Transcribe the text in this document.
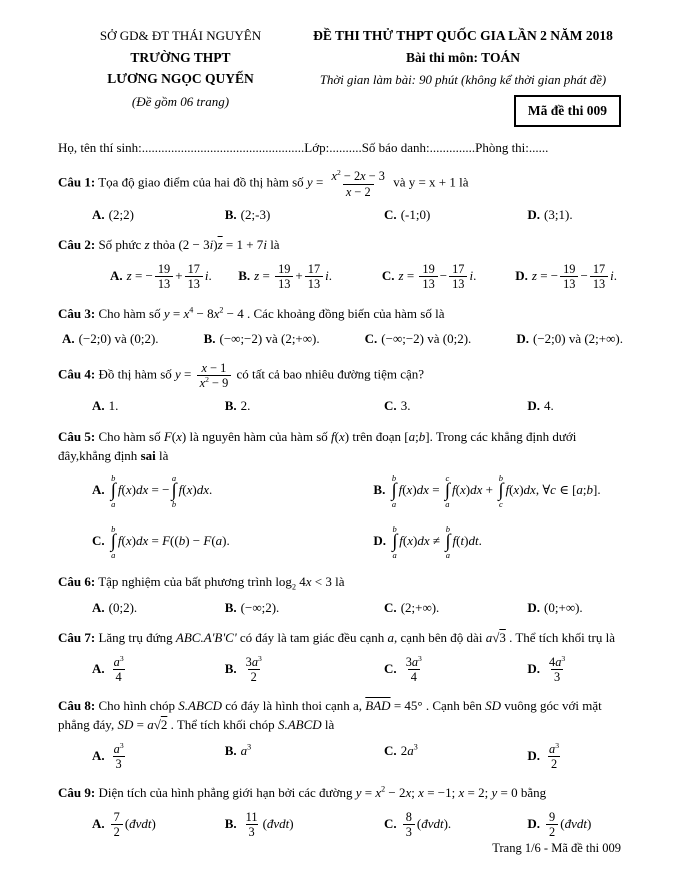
SỞ GD& ĐT THÁI NGUYÊN
TRƯỜNG THPT
LƯƠNG NGỌC QUYẾN
(Đề gồm 06 trang)
ĐỀ THI THỬ THPT QUỐC GIA LẦN 2 NĂM 2018
Bài thi môn: TOÁN
Thời gian làm bài: 90 phút (không kể thời gian phát đề)
Mã đề thi 009
Họ, tên thí sinh:..................................................Lớp:..........Số báo danh:..............Phòng thi:......
Câu 1: Tọa độ giao điểm của hai đồ thị hàm số $y = \frac{x^2 - 2x - 3}{x - 2}$ và y = x + 1 là
A. (2;2)	B. (2;-3)	C. (-1;0)	D. (3;1).
Câu 2: Số phức z thỏa $(2 - 3i)\overline{z} = 1 + 7i$ là
A. z = − $\frac{19}{13} + \frac{17}{13} i$.	B. $z = \frac{19}{13} + \frac{17}{13} i$.	C. $z = \frac{19}{13} - \frac{17}{13} i$.	D. z = − $\frac{19}{13} - \frac{17}{13} i$.
Câu 3: Cho hàm số $y = x^4 - 8x^2 - 4$ . Các khoảng đồng biến của hàm số là
A. (−2;0) và (0;2).	B. (−∞;−2) và (2;+∞).	C. (−∞;−2) và (0;2).	D. (−2;0) và (2;+∞).
Câu 4: Đồ thị hàm số $y = \frac{x - 1}{x^2 - 9}$ có tất cả bao nhiêu đường tiệm cận?
A. 1.	B. 2.	C. 3.	D. 4.
Câu 5: Cho hàm số F(x) là nguyên hàm của hàm số f(x) trên đoạn [a;b]. Trong các khẳng định dưới đây,khẳng định sai là
A.
b
∫
a
f(x)dx = −
a
∫
b
f(x)dx.	B.
b
∫
a
f(x)dx =
c
∫
a
f(x)dx +
b
∫
c
f(x)dx, ∀c ∈ [a;b].
C.
b
∫
a
f(x)dx = F((b) − F(a).	D.
b
∫
a
f(x)dx ≠
b
∫
a
f(t)dt.
Câu 6: Tập nghiệm của bất phương trình $\log_2 4x < 3$ là
A. (0;2).	B. (−∞;2).	C. (2;+∞).	D. (0;+∞).
Câu 7: Lăng trụ đứng ABC.A'B'C' có đáy là tam giác đều cạnh a, cạnh bên độ dài a√3 . Thể tích khối trụ là
A. $\frac{a^3}{4}$	B. $\frac{3a^3}{2}$	C. $\frac{3a^3}{4}$	D. $\frac{4a^3}{3}$
Câu 8: Cho hình chóp S.ABCD có đáy là hình thoi cạnh a, $\overline{BAD} = 45^\circ$ . Cạnh bên SD vuông góc với mặt phẳng đáy, SD = a√2 . Thể tích khối chóp S.ABCD là
A. $\frac{a^3}{3}$	B. $a^3$	C. $2a^3$
D. $\frac{a^3}{2}$
Câu 9: Diện tích của hình phẳng giới hạn bởi các đường $y = x^2 - 2x$; x = −1; x = 2; y = 0 bằng
A. $\frac{7}{2}$ (đvdt)	B. $\frac{11}{3}$ (đvdt)	C. $\frac{8}{3}$ (đvdt).	D. $\frac{9}{2}$ (đvdt)
Trang 1/6 - Mã đề thi 009
